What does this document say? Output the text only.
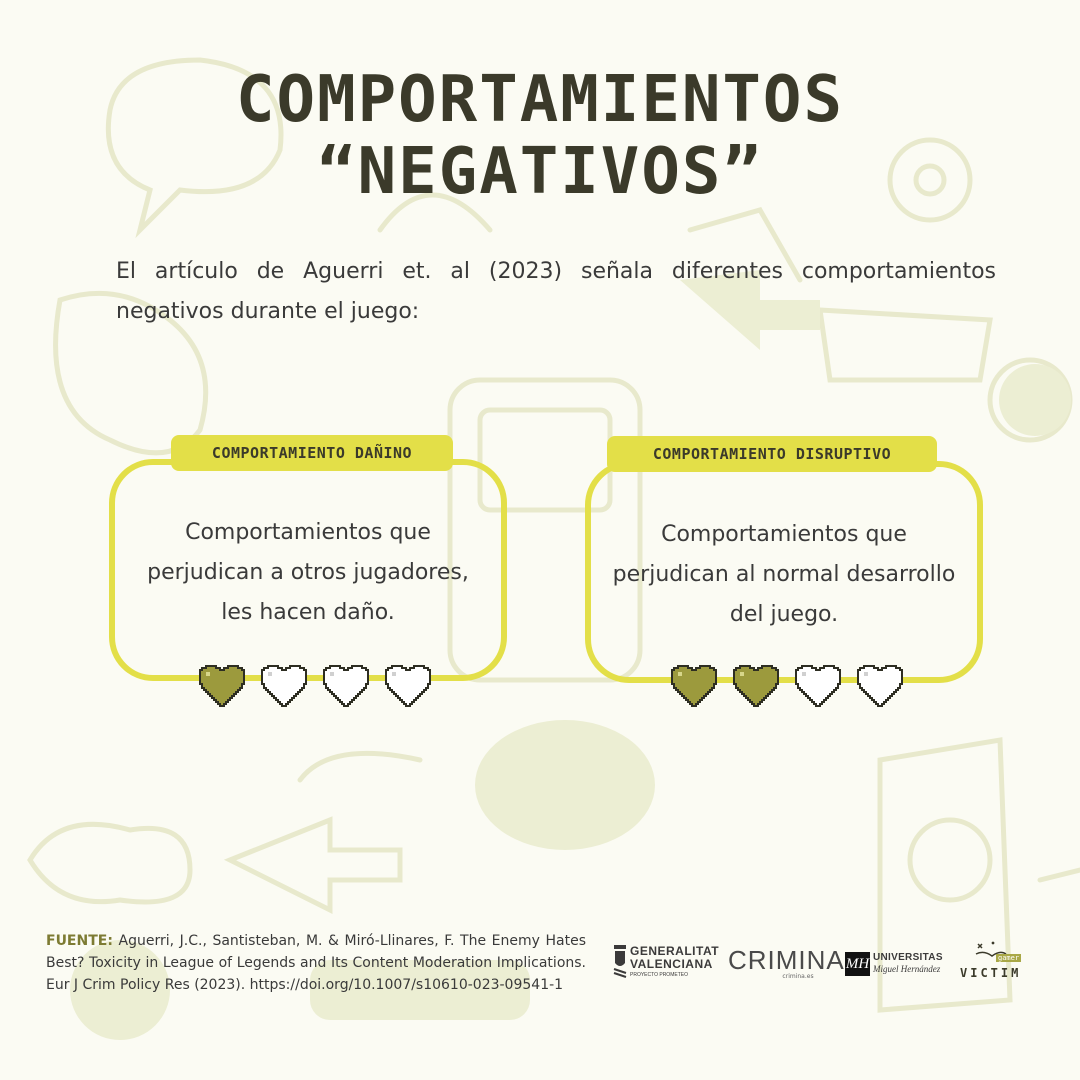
COMPORTAMIENTOS
“NEGATIVOS”
El artículo de Aguerri et. al (2023) señala diferentes comportamientos negativos durante el juego:
Comportamientos que perjudican a otros jugadores, les hacen daño.
COMPORTAMIENTO DAÑINO
Comportamientos que perjudican al normal desarrollo del juego.
COMPORTAMIENTO DISRUPTIVO
FUENTE: Aguerri, J.C., Santisteban, M. & Miró-Llinares, F. The Enemy Hates Best? Toxicity in League of Legends and Its Content Moderation Implications. Eur J Crim Policy Res (2023). https://doi.org/10.1007/s10610-023-09541-1
GENERALITAT
VALENCIANA
PROYECTO PROMETEO CRIMINA
crimina.es
MH UNIVERSITAS
Miguel Hernández
gamer
VICTIM
